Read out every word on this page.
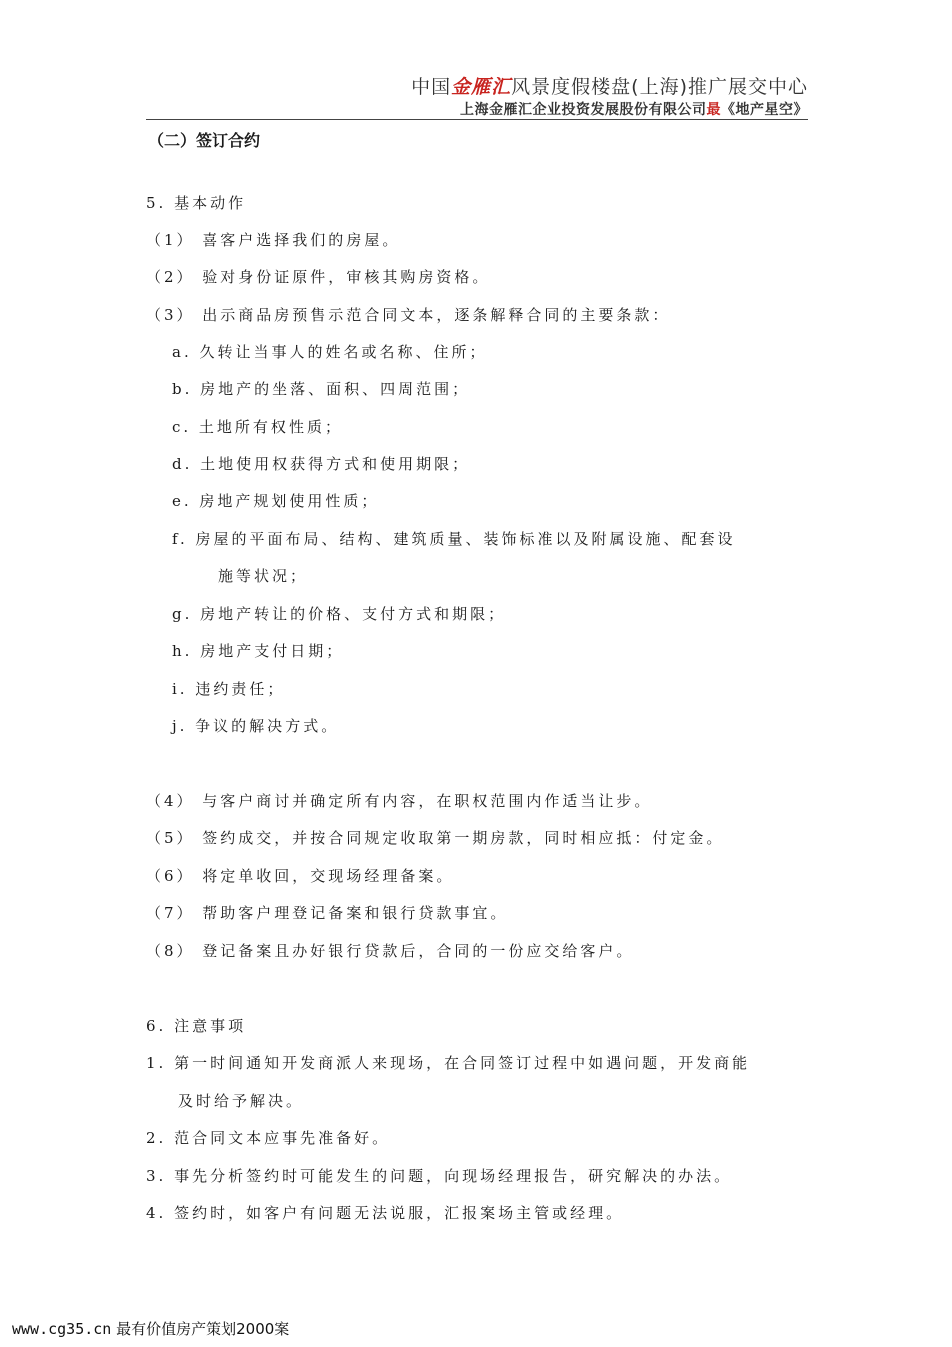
中国金雁汇风景度假楼盘(上海)推广展交中心
上海金雁汇企业投资发展股份有限公司最《地产星空》
（二）签订合约
5. 基本动作
（1） 喜客户选择我们的房屋。
（2） 验对身份证原件，审核其购房资格。
（3） 出示商品房预售示范合同文本，逐条解释合同的主要条款：
a. 久转让当事人的姓名或名称、住所；
b. 房地产的坐落、面积、四周范围；
c. 土地所有权性质；
d. 土地使用权获得方式和使用期限；
e. 房地产规划使用性质；
f. 房屋的平面布局、结构、建筑质量、装饰标准以及附属设施、配套设
施等状况；
g. 房地产转让的价格、支付方式和期限；
h. 房地产支付日期；
i. 违约责任；
j. 争议的解决方式。
（4） 与客户商讨并确定所有内容，在职权范围内作适当让步。
（5） 签约成交，并按合同规定收取第一期房款，同时相应抵：付定金。
（6） 将定单收回，交现场经理备案。
（7） 帮助客户理登记备案和银行贷款事宜。
（8） 登记备案且办好银行贷款后，合同的一份应交给客户。
6. 注意事项
1. 第一时间通知开发商派人来现场，在合同签订过程中如遇问题，开发商能
及时给予解决。
2. 范合同文本应事先准备好。
3. 事先分析签约时可能发生的问题，向现场经理报告，研究解决的办法。
4. 签约时，如客户有问题无法说服，汇报案场主管或经理。
www.cg35.cn 最有价值房产策划2000案
